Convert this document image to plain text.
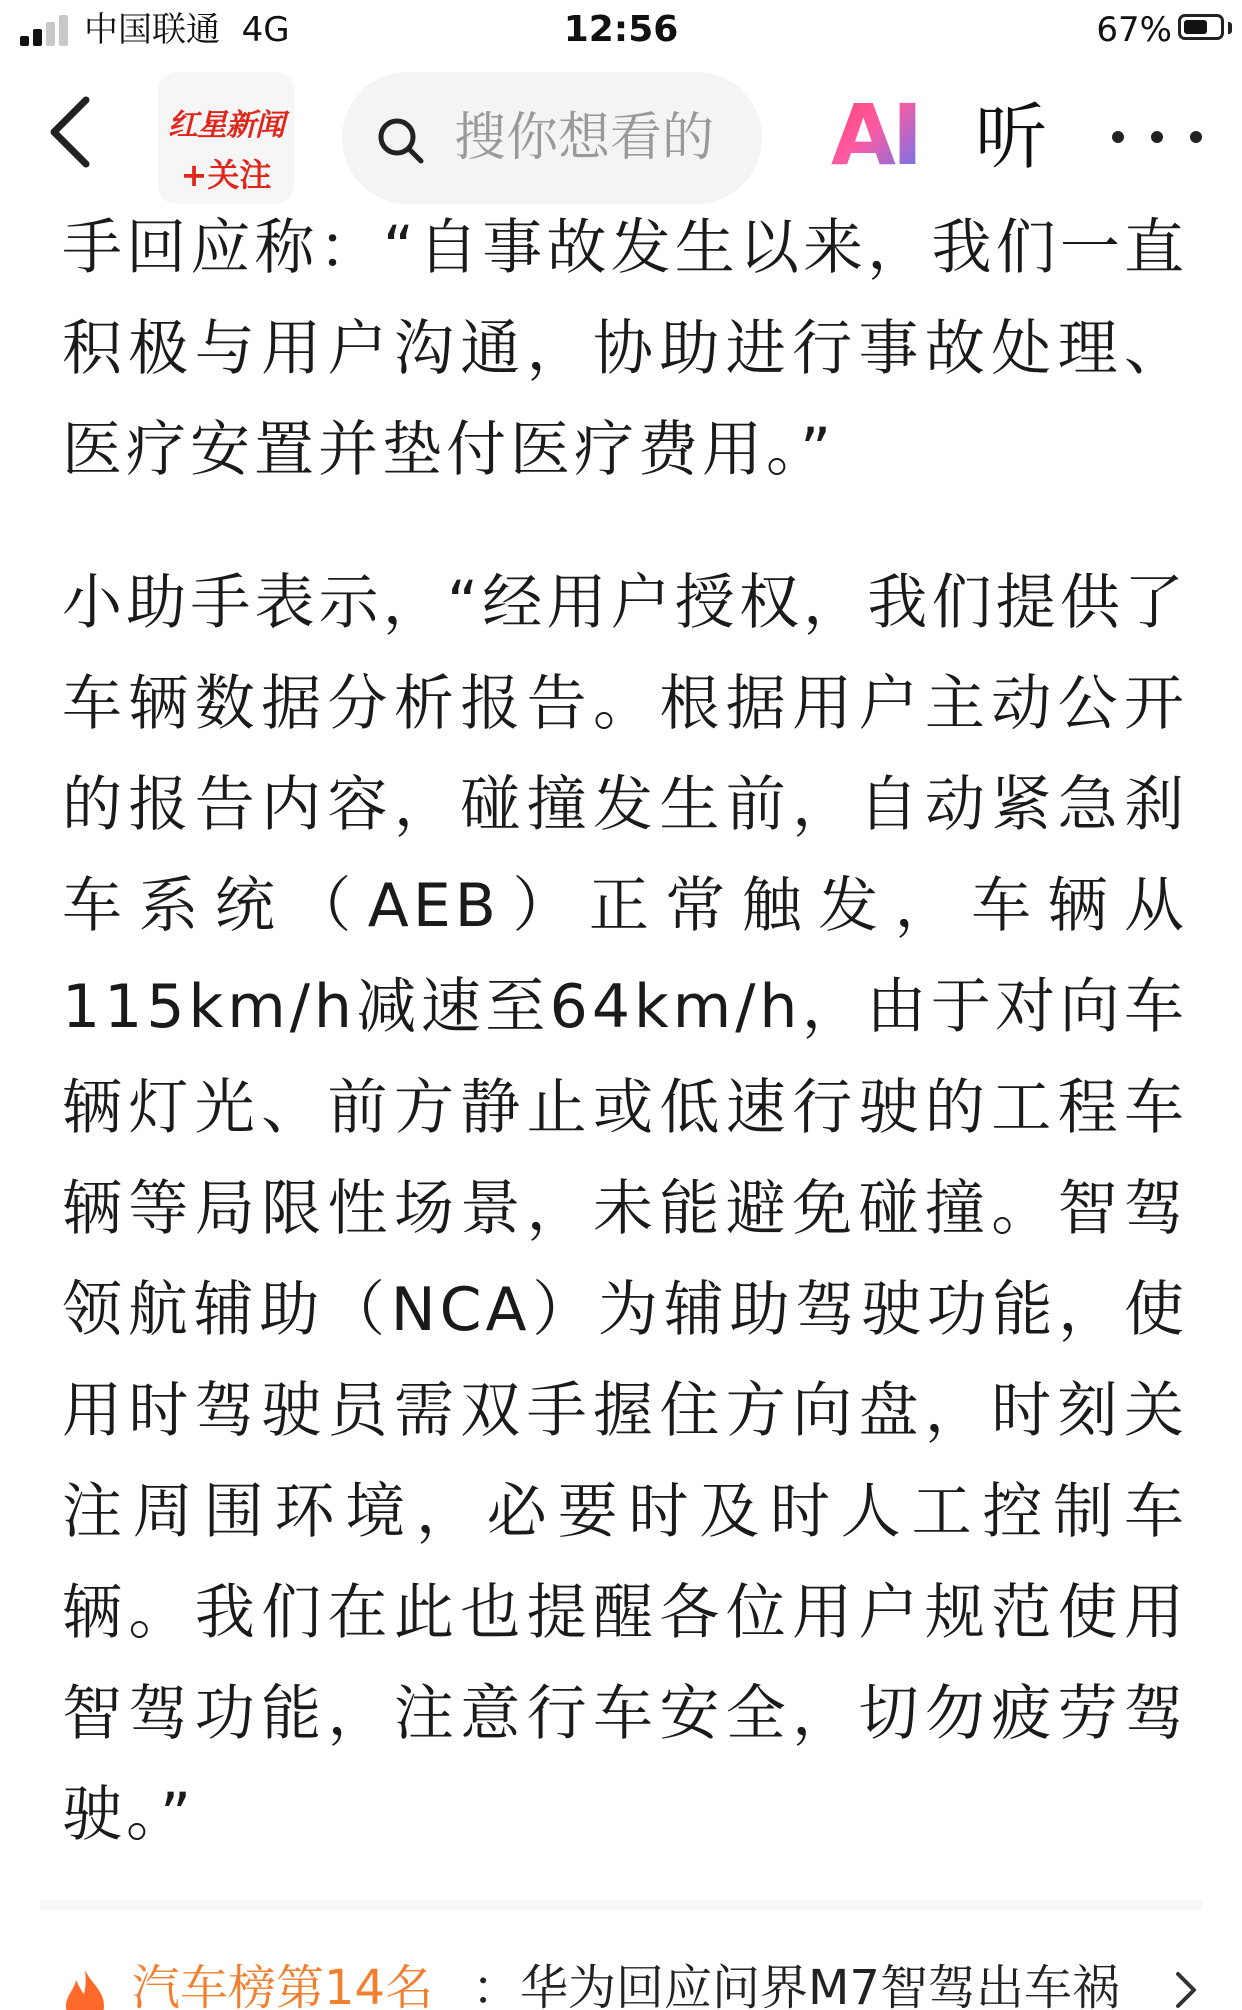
中国联通 4G	12:56	67%
红星新闻
+关注
搜你想看的	AI 听

手回应称：“自事故发生以来，我们一直积极与用户沟通，协助进行事故处理、医疗安置并垫付医疗费用。”

小助手表示，“经用户授权，我们提供了车辆数据分析报告。根据用户主动公开的报告内容，碰撞发生前，自动紧急刹车系统（AEB）正常触发，车辆从115km/h减速至64km/h，由于对向车辆灯光、前方静止或低速行驶的工程车辆等局限性场景，未能避免碰撞。智驾领航辅助（NCA）为辅助驾驶功能，使用时驾驶员需双手握住方向盘，时刻关注周围环境，必要时及时人工控制车辆。我们在此也提醒各位用户规范使用智驾功能，注意行车安全，切勿疲劳驾驶。”

汽车榜第14名 ： 华为回应问界M7智驾出车祸
